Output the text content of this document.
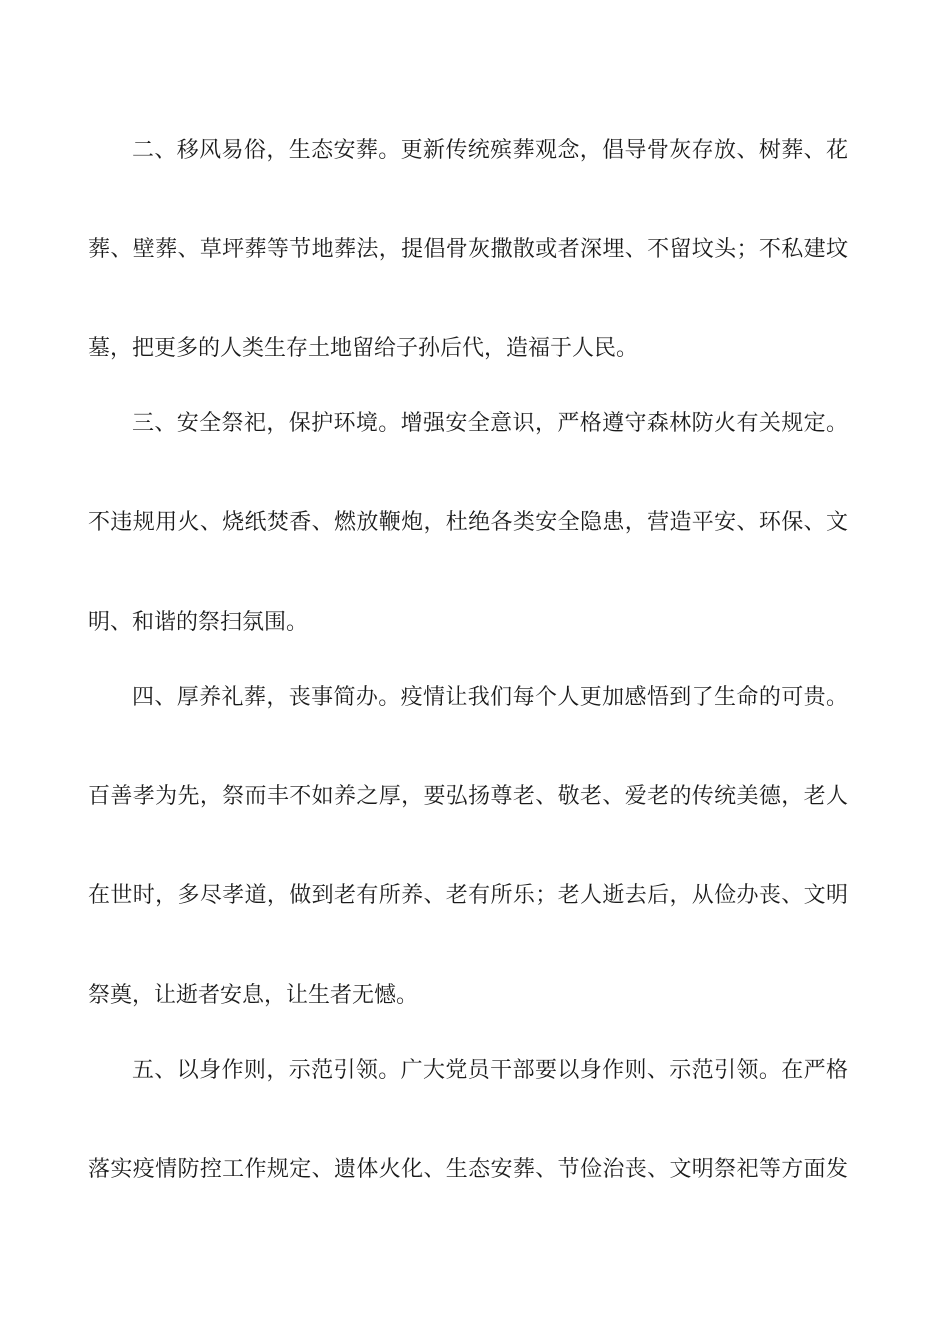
二、移风易俗，生态安葬。更新传统殡葬观念，倡导骨灰存放、树葬、花
葬、壁葬、草坪葬等节地葬法，提倡骨灰撒散或者深埋、不留坟头；不私建坟
墓，把更多的人类生存土地留给子孙后代，造福于人民。
三、安全祭祀，保护环境。增强安全意识，严格遵守森林防火有关规定。
不违规用火、烧纸焚香、燃放鞭炮，杜绝各类安全隐患，营造平安、环保、文
明、和谐的祭扫氛围。
四、厚养礼葬，丧事简办。疫情让我们每个人更加感悟到了生命的可贵。
百善孝为先，祭而丰不如养之厚，要弘扬尊老、敬老、爱老的传统美德，老人
在世时，多尽孝道，做到老有所养、老有所乐；老人逝去后，从俭办丧、文明
祭奠，让逝者安息，让生者无憾。
五、以身作则，示范引领。广大党员干部要以身作则、示范引领。在严格
落实疫情防控工作规定、遗体火化、生态安葬、节俭治丧、文明祭祀等方面发
